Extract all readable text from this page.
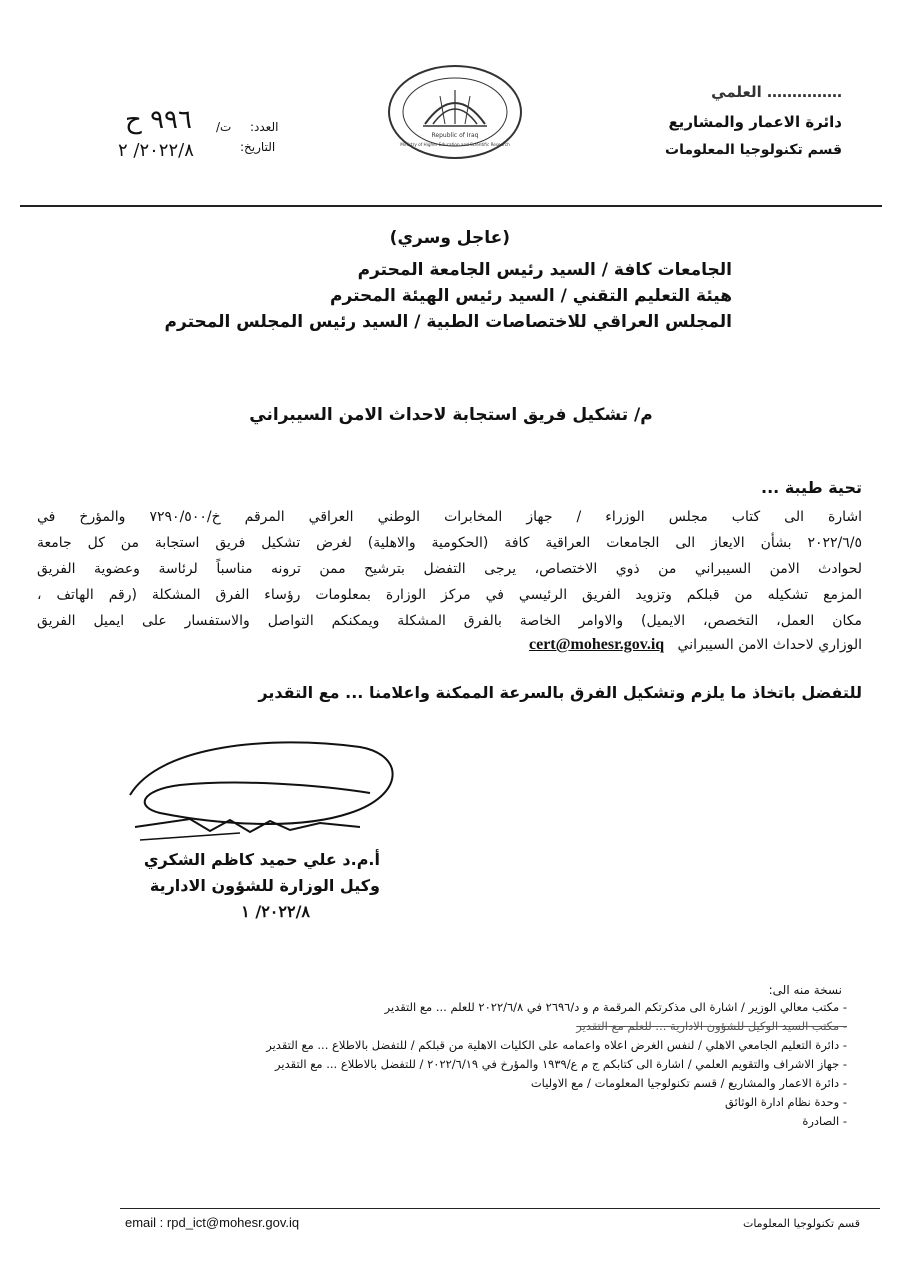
…………… العلمي
دائرة الاعمار والمشاريع
قسم تكنولوجيا المعلومات
Republic of Iraq
Ministry of Higher Education and Scientific Research
العدد:
ت/
٩٩٦ ح
التاريخ:
٢٠٢٢/٨/ ٢
(عاجل وسري)
الجامعات كافة / السيد رئيس الجامعة المحترم
هيئة التعليم التقني / السيد رئيس الهيئة المحترم
المجلس العراقي للاختصاصات الطبية / السيد رئيس المجلس المحترم
م/ تشكيل فريق استجابة لاحداث الامن السيبراني
تحية طيبة ...
اشارة الى كتاب مجلس الوزراء / جهاز المخابرات الوطني العراقي المرقم خ/٧٢٩٠/٥٠٠ والمؤرخ في
٢٠٢٢/٦/٥ بشأن الايعاز الى الجامعات العراقية كافة (الحكومية والاهلية) لغرض تشكيل فريق استجابة من كل جامعة
لحوادث الامن السيبراني من ذوي الاختصاص، يرجى التفضل بترشيح ممن ترونه مناسباً لرئاسة وعضوية الفريق
المزمع تشكيله من قبلكم وتزويد الفريق الرئيسي في مركز الوزارة بمعلومات رؤساء الفرق المشكلة (رقم الهاتف ،
مكان العمل، التخصص، الايميل) والاوامر الخاصة بالفرق المشكلة ويمكنكم التواصل والاستفسار على ايميل الفريق
الوزاري لاحداث الامن السيبراني   cert@mohesr.gov.iq
للتفضل باتخاذ ما يلزم وتشكيل الفرق بالسرعة الممكنة واعلامنا ... مع التقدير
أ.م.د علي حميد كاظم الشكري
وكيل الوزارة للشؤون الادارية
٢٠٢٢/٨/ ١
نسخة منه الى:
- مكتب معالي الوزير / اشارة الى مذكرتكم المرقمة م و د/٢٦٩٦ في ٢٠٢٢/٦/٨ للعلم ... مع التقدير
- مكتب السيد الوكيل للشؤون الادارية ... للعلم مع التقدير
- دائرة التعليم الجامعي الاهلي / لنفس الغرض اعلاه واعمامه على الكليات الاهلية من قبلكم / للتفضل بالاطلاع ... مع التقدير
- جهاز الاشراف والتقويم العلمي / اشارة الى كتابكم ج م ع/١٩٣٩ والمؤرخ في ٢٠٢٢/٦/١٩ / للتفضل بالاطلاع ... مع التقدير
- دائرة الاعمار والمشاريع / قسم تكنولوجيا المعلومات / مع الاوليات
- وحدة نظام ادارة الوثائق
- الصادرة
email : rpd_ict@mohesr.gov.iq	قسم تكنولوجيا المعلومات
